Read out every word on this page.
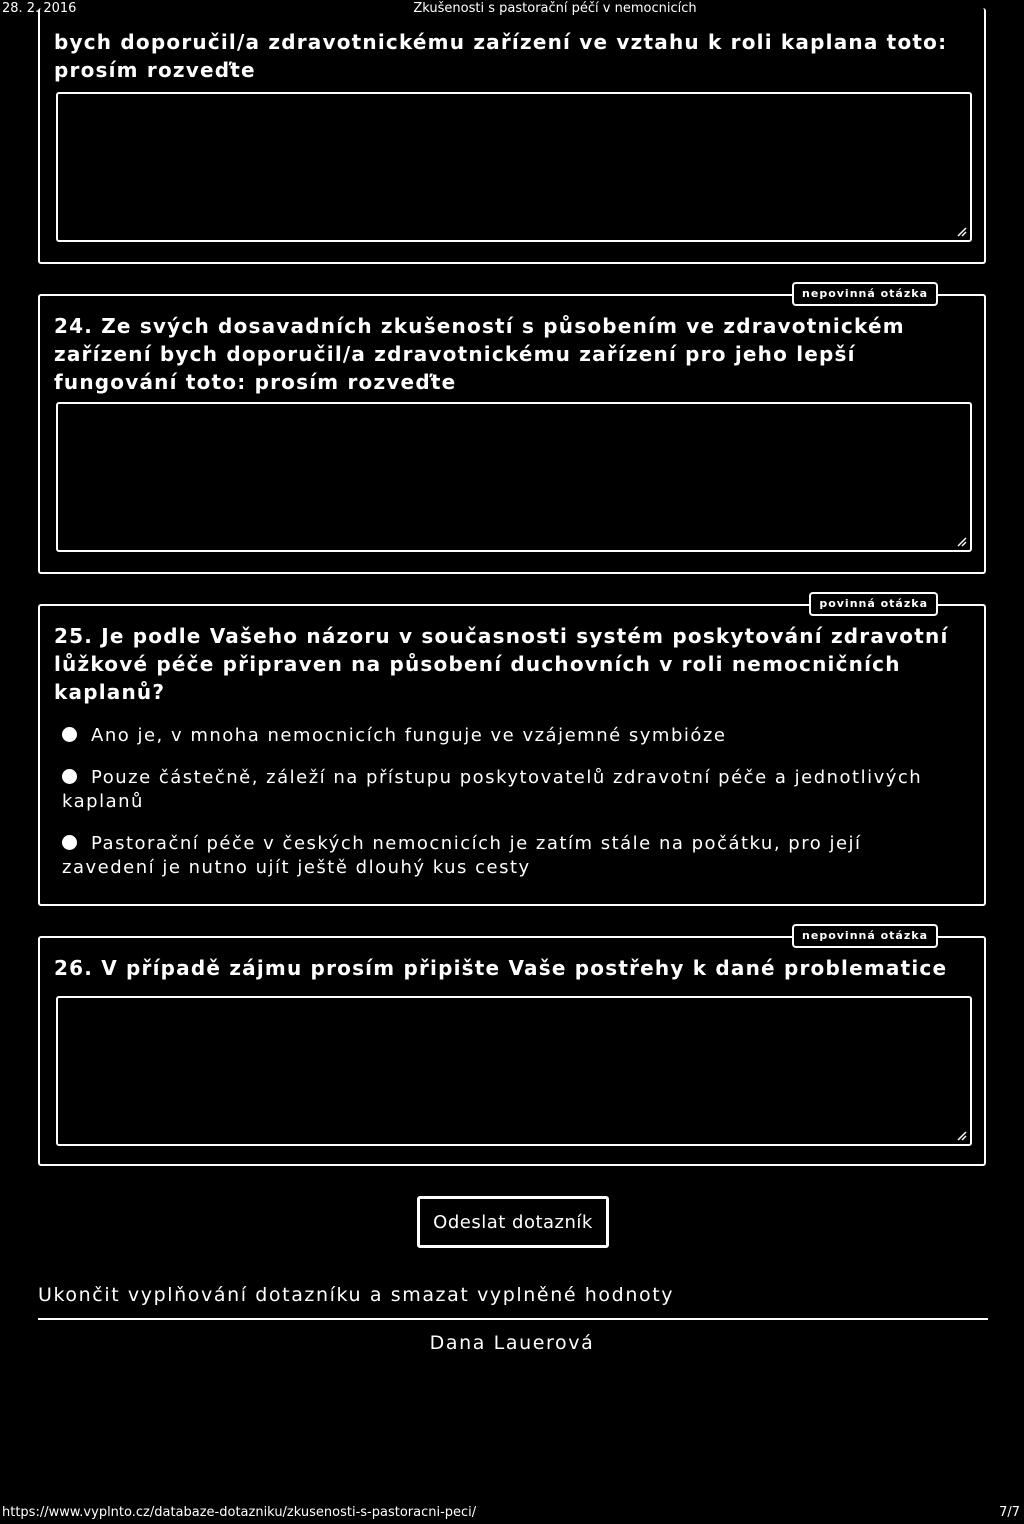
28. 2. 2016	Zkušenosti s pastorační péčí v nemocnicích
bych doporučil/a zdravotnickému zařízení ve vztahu k roli kaplana toto: prosím rozveďte
nepovinná otázka
24. Ze svých dosavadních zkušeností s působením ve zdravotnickém zařízení bych doporučil/a zdravotnickému zařízení pro jeho lepší fungování toto: prosím rozveďte
povinná otázka
25. Je podle Vašeho názoru v současnosti systém poskytování zdravotní lůžkové péče připraven na působení duchovních v roli nemocničních kaplanů?
Ano je, v mnoha nemocnicích funguje ve vzájemné symbióze
Pouze částečně, záleží na přístupu poskytovatelů zdravotní péče a jednotlivých kaplanů
Pastorační péče v českých nemocnicích je zatím stále na počátku, pro její zavedení je nutno ujít ještě dlouhý kus cesty
nepovinná otázka
26. V případě zájmu prosím připište Vaše postřehy k dané problematice
Odeslat dotazník
Ukončit vyplňování dotazníku a smazat vyplněné hodnoty
Dana Lauerová
https://www.vyplnto.cz/databaze-dotazniku/zkusenosti-s-pastoracni-peci/	7/7
